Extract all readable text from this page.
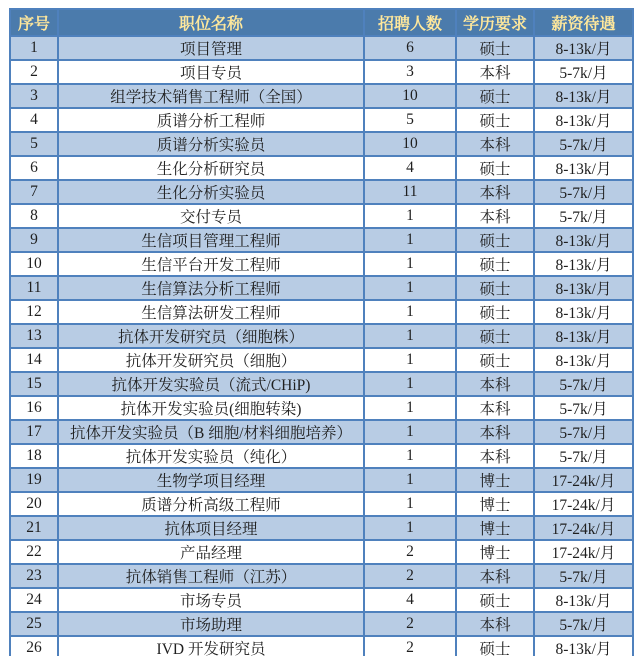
序号	职位名称	招聘人数	学历要求	薪资待遇
1	项目管理	6	硕士	8-13k/月
2	项目专员	3	本科	5-7k/月
3	组学技术销售工程师（全国）	10	硕士	8-13k/月
4	质谱分析工程师	5	硕士	8-13k/月
5	质谱分析实验员	10	本科	5-7k/月
6	生化分析研究员	4	硕士	8-13k/月
7	生化分析实验员	11	本科	5-7k/月
8	交付专员	1	本科	5-7k/月
9	生信项目管理工程师	1	硕士	8-13k/月
10	生信平台开发工程师	1	硕士	8-13k/月
11	生信算法分析工程师	1	硕士	8-13k/月
12	生信算法研发工程师	1	硕士	8-13k/月
13	抗体开发研究员（细胞株）	1	硕士	8-13k/月
14	抗体开发研究员（细胞）	1	硕士	8-13k/月
15	抗体开发实验员（流式/CHiP)	1	本科	5-7k/月
16	抗体开发实验员(细胞转染)	1	本科	5-7k/月
17	抗体开发实验员（B 细胞/材料细胞培养）	1	本科	5-7k/月
18	抗体开发实验员（纯化）	1	本科	5-7k/月
19	生物学项目经理	1	博士	17-24k/月
20	质谱分析高级工程师	1	博士	17-24k/月
21	抗体项目经理	1	博士	17-24k/月
22	产品经理	2	博士	17-24k/月
23	抗体销售工程师（江苏）	2	本科	5-7k/月
24	市场专员	4	硕士	8-13k/月
25	市场助理	2	本科	5-7k/月
26	IVD 开发研究员	2	硕士	8-13k/月
